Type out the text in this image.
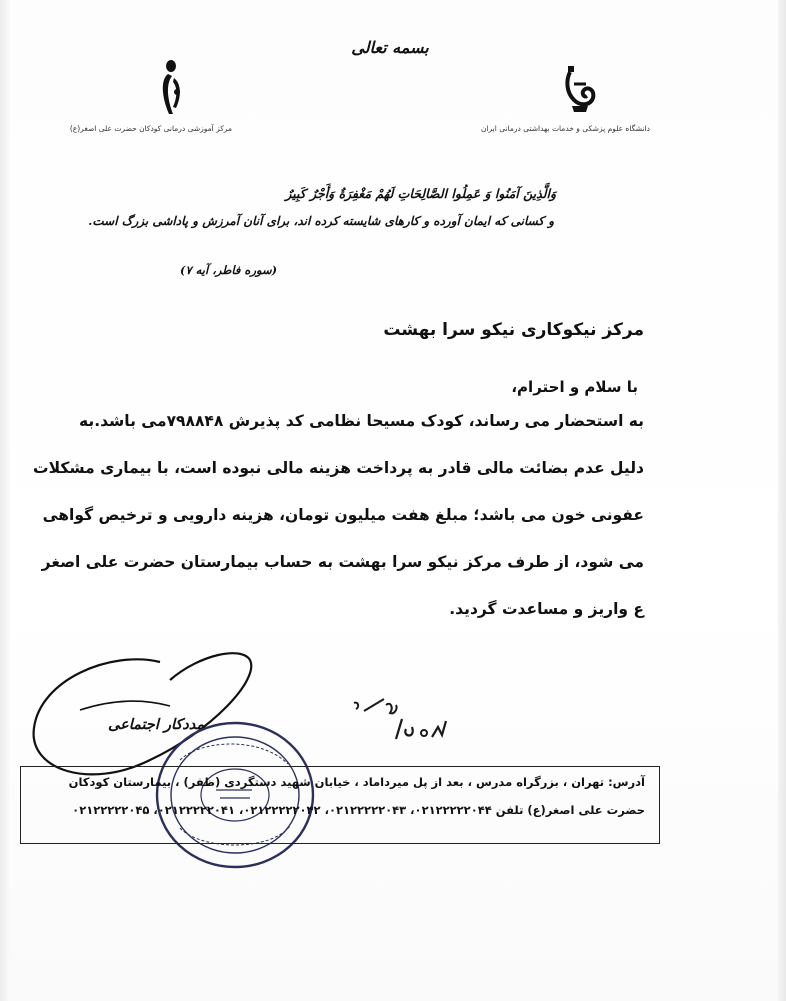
بسمه تعالی
مرکز آموزشی درمانی کودکان حضرت علی اصغر(ع)	دانشگاه علوم پزشکی و خدمات بهداشتی درمانی ایران
وَالَّذِينَ آمَنُوا وَ عَمِلُوا الصَّالِحَاتِ لَهُمْ مَغْفِرَةٌ وَأَجْرٌ كَبِيرٌ
و کسانی که ایمان آورده و کارهای شایسته کرده اند، برای آنان آمرزش و پاداشی بزرگ است.
(سوره فاطر، آیه ۷)
مرکز نیکوکاری نیکو سرا بهشت
با سلام و احترام،
به استحضار می رساند، کودک مسیحا نظامی کد پذیرش ۷۹۸۸۴۸می باشد.به
دلیل عدم بضائت مالی قادر به پرداخت هزینه مالی نبوده است، با بیماری مشکلات
عفونی خون می باشد؛ مبلغ هفت میلیون تومان، هزینه دارویی و ترخیص گواهی
می شود، از طرف مرکز نیکو سرا بهشت به حساب بیمارستان حضرت علی اصغر
ع واریز و مساعدت گردید.
مددکار اجتماعی
آدرس: تهران ، بزرگراه مدرس ، بعد از پل میرداماد ، خیابان شهید دستگردی (ظفر) ، بیمارستان کودکان
حضرت علی اصغر(ع) تلفن ۰۲۱۲۲۲۲۲۰۴۴، ۰۲۱۲۲۲۲۲۰۴۳، ۰۲۱۲۲۲۲۲۰۴۲، ۰۲۱۲۲۲۲۲۰۴۱، ۰۲۱۲۲۲۲۲۰۴۵
